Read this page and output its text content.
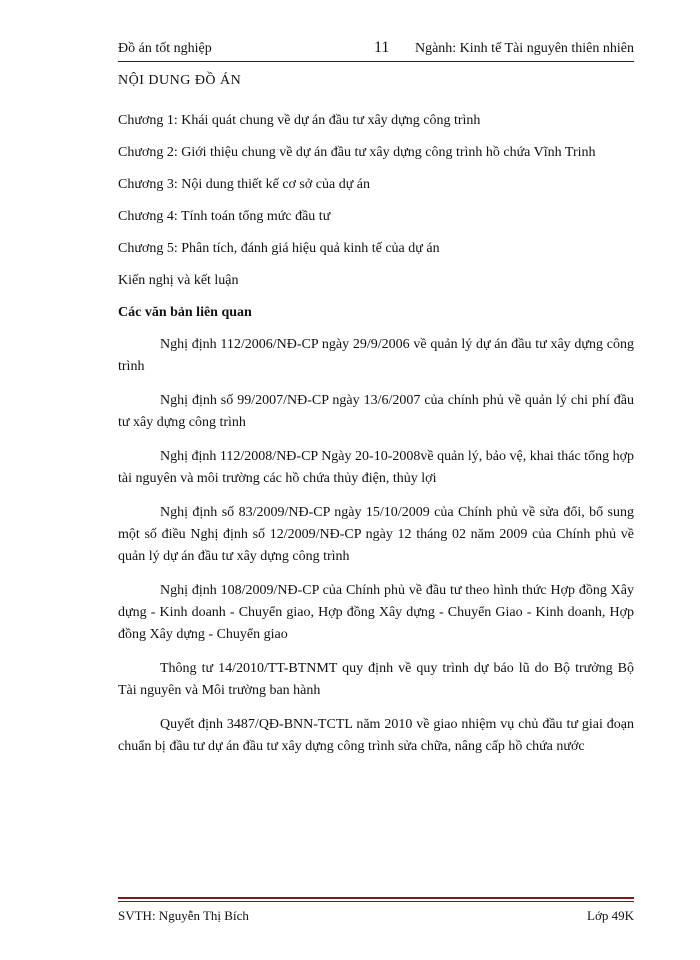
Đồ án tốt nghiệp	11 Ngành: Kinh tế Tài nguyên thiên nhiên

NỘI DUNG ĐỒ ÁN

Chương 1: Khái quát chung về dự án đầu tư xây dựng công trình

Chương 2: Giới thiệu chung về dự án đầu tư xây dựng công trình hồ chứa Vĩnh Trinh

Chương 3: Nội dung thiết kế cơ sở của dự án

Chương 4: Tính toán tổng mức đầu tư

Chương 5: Phân tích, đánh giá hiệu quả kinh tế của dự án

Kiến nghị và kết luận

Các văn bản liên quan

Nghị định 112/2006/NĐ-CP ngày 29/9/2006 về quản lý dự án đầu tư xây dựng công trình

Nghị định số 99/2007/NĐ-CP ngày 13/6/2007 của chính phủ về quản lý chi phí đầu tư xây dựng công trình

Nghị định 112/2008/NĐ-CP Ngày 20-10-2008về quản lý, bảo vệ, khai thác tổng hợp tài nguyên và môi trường các hồ chứa thủy điện, thủy lợi

Nghị định số 83/2009/NĐ-CP ngày 15/10/2009 của Chính phủ về sửa đổi, bổ sung một số điều Nghị định số 12/2009/NĐ-CP ngày 12 tháng 02 năm 2009 của Chính phủ về quản lý dự án đầu tư xây dựng công trình

Nghị định 108/2009/NĐ-CP của Chính phủ về đầu tư theo hình thức Hợp đồng Xây dựng - Kinh doanh - Chuyển giao, Hợp đồng Xây dựng - Chuyển Giao - Kinh doanh, Hợp đồng Xây dựng - Chuyển giao

Thông tư 14/2010/TT-BTNMT quy định về quy trình dự báo lũ do Bộ trưởng Bộ Tài nguyên và Môi trường ban hành

Quyết định 3487/QĐ-BNN-TCTL năm 2010 về giao nhiệm vụ chủ đầu tư giai đoạn chuẩn bị đầu tư dự án đầu tư xây dựng công trình sửa chữa, nâng cấp hồ chứa nước

SVTH: Nguyễn Thị Bích	Lớp 49K
